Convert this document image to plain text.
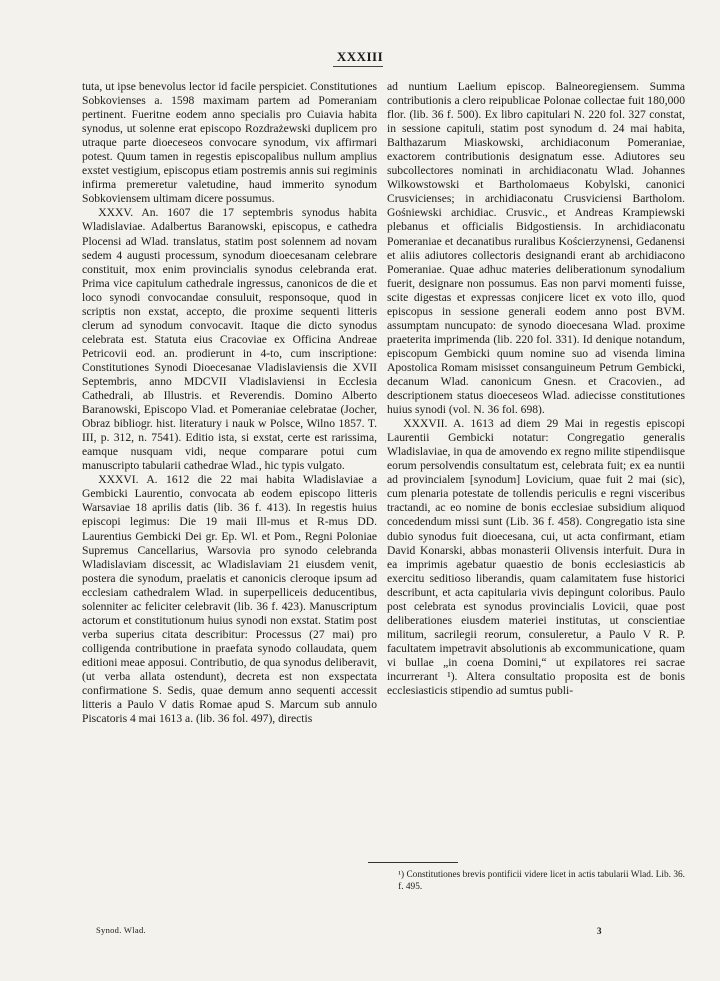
XXXIII

tuta, ut ipse benevolus lector id facile perspiciet. Constitutiones Sobkovienses a. 1598 maximam partem ad Pomeraniam pertinent. Fueritne eodem anno specialis pro Cuiavia habita synodus, ut solenne erat episcopo Rozdrażewski duplicem pro utraque parte dioeceseos convocare synodum, vix affirmari potest. Quum tamen in regestis episcopalibus nullum amplius exstet vestigium, episcopus etiam postremis annis sui regiminis infirma premeretur valetudine, haud immerito synodum Sobkoviensem ultimam dicere possumus.

XXXV. An. 1607 die 17 septembris synodus habita Wladislaviae. Adalbertus Baranowski, episcopus, e cathedra Plocensi ad Wlad. translatus, statim post solennem ad novam sedem 4 augusti processum, synodum dioecesanam celebrare constituit, mox enim provincialis synodus celebranda erat. Prima vice capitulum cathedrale ingressus, canonicos de die et loco synodi convocandae consuluit, responsoque, quod in scriptis non exstat, accepto, die proxime sequenti litteris clerum ad synodum convocavit. Itaque die dicto synodus celebrata est. Statuta eius Cracoviae ex Officina Andreae Petricovii eod. an. prodierunt in 4-to, cum inscriptione: Constitutiones Synodi Dioecesanae Vladislaviensis die XVII Septembris, anno MDCVII Vladislaviensi in Ecclesia Cathedrali, ab Illustris. et Reverendis. Domino Alberto Baranowski, Episcopo Vlad. et Pomeraniae celebratae (Jocher, Obraz bibliogr. hist. literatury i nauk w Polsce, Wilno 1857. T. III, p. 312, n. 7541). Editio ista, si exstat, certe est rarissima, eamque nusquam vidi, neque comparare potui cum manuscripto tabularii cathedrae Wlad., hic typis vulgato.

XXXVI. A. 1612 die 22 mai habita Wladislaviae a Gembicki Laurentio, convocata ab eodem episcopo litteris Warsaviae 18 aprilis datis (lib. 36 f. 413). In regestis huius episcopi legimus: Die 19 maii Ill-mus et R-mus DD. Laurentius Gembicki Dei gr. Ep. Wl. et Pom., Regni Poloniae Supremus Cancellarius, Warsovia pro synodo celebranda Wladislaviam discessit, ac Wladislaviam 21 eiusdem venit, postera die synodum, praelatis et canonicis cleroque ipsum ad ecclesiam cathedralem Wlad. in superpelliceis deducentibus, solenniter ac feliciter celebravit (lib. 36 f. 423). Manuscriptum actorum et constitutionum huius synodi non exstat. Statim post verba superius citata describitur: Processus (27 mai) pro colligenda contributione in praefata synodo collaudata, quem editioni meae apposui. Contributio, de qua synodus deliberavit, (ut verba allata ostendunt), decreta est non exspectata confirmatione S. Sedis, quae demum anno sequenti accessit litteris a Paulo V datis Romae apud S. Marcum sub annulo Piscatoris 4 mai 1613 a. (lib. 36 fol. 497), directis

ad nuntium Laelium episcop. Balneoregiensem. Summa contributionis a clero reipublicae Polonae collectae fuit 180,000 flor. (lib. 36 f. 500). Ex libro capitulari N. 220 fol. 327 constat, in sessione capituli, statim post synodum d. 24 mai habita, Balthazarum Miaskowski, archidiaconum Pomeraniae, exactorem contributionis designatum esse. Adiutores seu subcollectores nominati in archidiaconatu Wlad. Johannes Wilkowstowski et Bartholomaeus Kobylski, canonici Crusvicienses; in archidiaconatu Crusviciensi Bartholom. Gośniewski archidiac. Crusvic., et Andreas Krampiewski plebanus et officialis Bidgostiensis. In archidiaconatu Pomeraniae et decanatibus ruralibus Kościerzynensi, Gedanensi et aliis adiutores collectoris designandi erant ab archidiacono Pomeraniae. Quae adhuc materies deliberationum synodalium fuerit, designare non possumus. Eas non parvi momenti fuisse, scite digestas et expressas conjicere licet ex voto illo, quod episcopus in sessione generali eodem anno post BVM. assumptam nuncupato: de synodo dioecesana Wlad. proxime praeterita imprimenda (lib. 220 fol. 331). Id denique notandum, episcopum Gembicki quum nomine suo ad visenda limina Apostolica Romam misisset consanguineum Petrum Gembicki, decanum Wlad. canonicum Gnesn. et Cracovien., ad descriptionem status dioeceseos Wlad. adiecisse constitutiones huius synodi (vol. N. 36 fol. 698).

XXXVII. A. 1613 ad diem 29 Mai in regestis episcopi Laurentii Gembicki notatur: Congregatio generalis Wladislaviae, in qua de amovendo ex regno milite stipendiisque eorum persolvendis consultatum est, celebrata fuit; ex ea nuntii ad provincialem [synodum] Lovicium, quae fuit 2 mai (sic), cum plenaria potestate de tollendis periculis e regni visceribus tractandi, ac eo nomine de bonis ecclesiae subsidium aliquod concedendum missi sunt (Lib. 36 f. 458). Congregatio ista sine dubio synodus fuit dioecesana, cui, ut acta confirmant, etiam David Konarski, abbas monasterii Olivensis interfuit. Dura in ea imprimis agebatur quaestio de bonis ecclesiasticis ab exercitu seditioso liberandis, quam calamitatem fuse historici describunt, et acta capitularia vivis depingunt coloribus. Paulo post celebrata est synodus provincialis Lovicii, quae post deliberationes eiusdem materiei institutas, ut conscientiae militum, sacrilegii reorum, consuleretur, a Paulo V R. P. facultatem impetravit absolutionis ab excommunicatione, quam vi bullae „in coena Domini,“ ut expilatores rei sacrae incurrerant ¹). Altera consultatio proposita est de bonis ecclesiasticis stipendio ad sumtus publi-

Synod. Wlad.
¹) Constitutiones brevis pontificii videre licet in actis tabularii Wlad. Lib. 36. f. 495.
3
